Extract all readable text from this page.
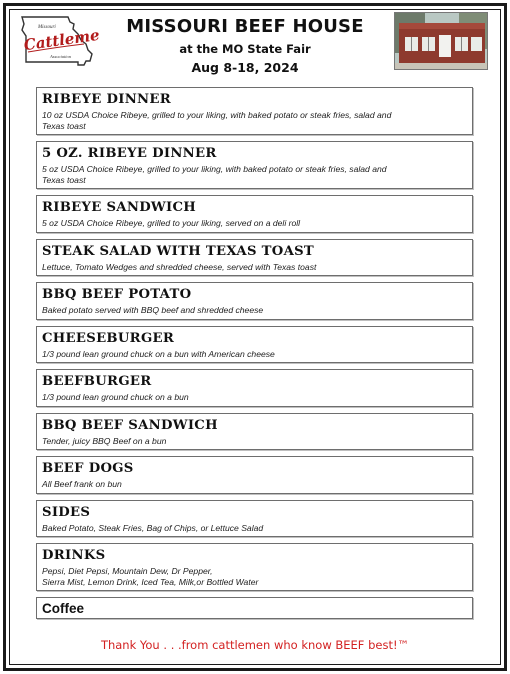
Missouri
Cattlemen
Association
MISSOURI BEEF HOUSE
at the MO State Fair
Aug 8-18, 2024
RIBEYE DINNER
10 oz USDA Choice Ribeye, grilled to your liking, with baked potato or steak fries, salad and
Texas toast
5 OZ. RIBEYE DINNER
5 oz USDA Choice Ribeye, grilled to your liking, with baked potato or steak fries, salad and
Texas toast
RIBEYE SANDWICH
5 oz USDA Choice Ribeye, grilled to your liking, served on a deli roll
STEAK SALAD WITH TEXAS TOAST
Lettuce, Tomato Wedges and shredded cheese, served with Texas toast
BBQ BEEF POTATO
Baked potato served with BBQ beef and shredded cheese
CHEESEBURGER
1/3 pound lean ground chuck on a bun with American cheese
BEEFBURGER
1/3 pound lean ground chuck on a bun
BBQ BEEF SANDWICH
Tender, juicy BBQ Beef on a bun
BEEF DOGS
All Beef frank on bun
SIDES
Baked Potato, Steak Fries, Bag of Chips, or Lettuce Salad
DRINKS
Pepsi, Diet Pepsi, Mountain Dew, Dr Pepper,
Sierra Mist, Lemon Drink, Iced Tea, Milk,or Bottled Water
Coffee
Thank You . . .from cattlemen who know BEEF best!™
